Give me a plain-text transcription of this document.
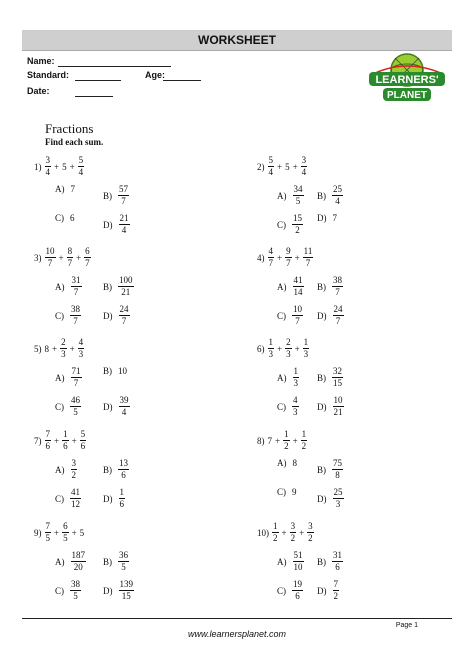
WORKSHEET
Name:
Standard:	Age:
Date:
LEARNERS'
PLANET
Fractions
Find each sum.
$1) \frac{3}{4} + 5 + \frac{5}{4}$
A) 7
$B) \frac{57}{7}$
C) 6
$D) \frac{21}{4}$
$2) \frac{5}{4} + 5 + \frac{3}{4}$
$A) \frac{34}{5} B) \frac{25}{4}$
$C) \frac{15}{2} D$) 7
$3) \frac{10}{7} + \frac{8}{7} + \frac{6}{7}$
$A) \frac{31}{7} B) \frac{100}{21}$
$C) \frac{38}{7} D) \frac{24}{7}$
$4) \frac{4}{7} + \frac{9}{7} + \frac{11}{7}$
$A) \frac{41}{14} B) \frac{38}{7}$
$C) \frac{10}{7} D) \frac{24}{7}$
5) $8 + \frac{2}{3} + \frac{4}{3}$
$A) \frac{71}{7} B$) 10
$C) \frac{46}{5} D) \frac{39}{4}$
$6) \frac{1}{3} + \frac{2}{3} + \frac{1}{3}$
$A) \frac{1}{3} B) \frac{32}{15}$
$C) \frac{4}{3} D) \frac{10}{21}$
$7) \frac{7}{6} + \frac{1}{6} + \frac{5}{6}$
$A) \frac{3}{2}$	$B) \frac{13}{6}$
$C) \frac{41}{12} D) \frac{1}{6}$
8) $7 + \frac{1}{2} + \frac{1}{2}$
A) 8
$B) \frac{75}{8}$
C) 9
$D) \frac{25}{3}$
$9) \frac{7}{5} + \frac{6}{5} + 5$
$A) \frac{187}{20} B) \frac{36}{5}$
$C) \frac{38}{5} D) \frac{139}{15}$
$10) \frac{1}{2} + \frac{3}{2} + \frac{3}{2}$
$A) \frac{51}{10} B) \frac{31}{6}$
$C) \frac{19}{6} D) \frac{7}{2}$
Page 1
www.learnersplanet.com
